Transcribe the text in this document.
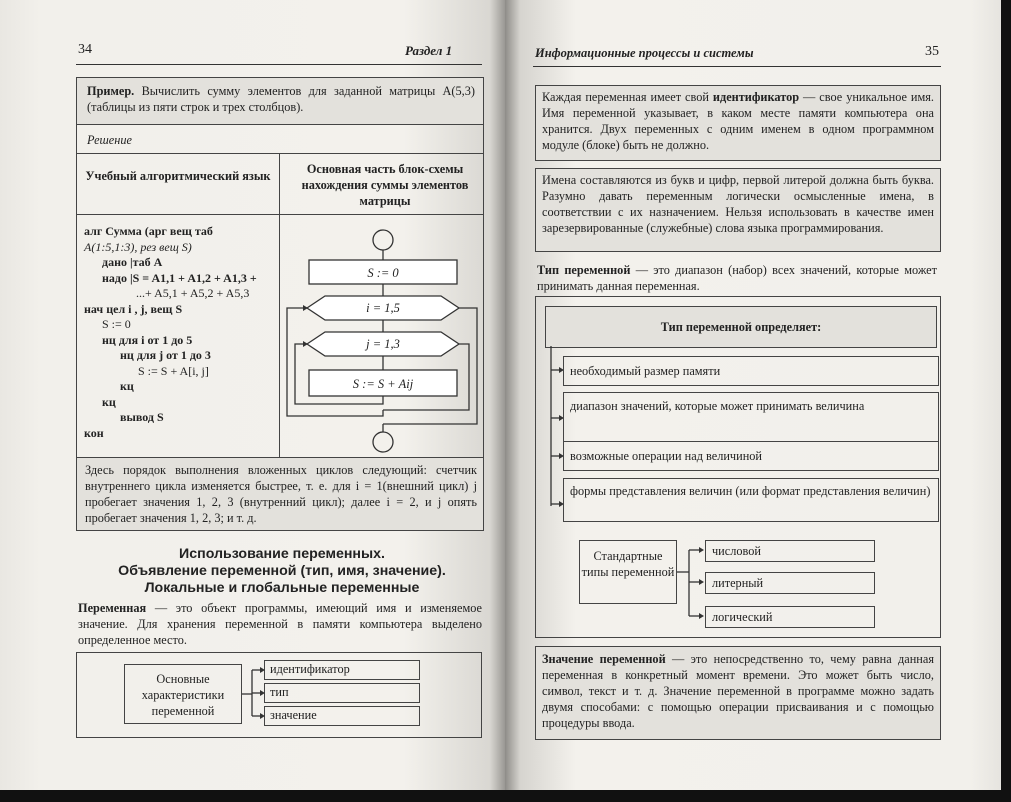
34	Раздел 1
Пример. Вычислить сумму элементов для заданной матрицы A(5,3) (таблицы из пяти строк и трех столбцов).
Решение
Учебный алгоритмический язык	Основная часть блок-схемы нахождения суммы элементов матрицы
алг Сумма (арг вещ таб
A(1:5,1:3), рез вещ S)
дано |таб A
надо |S = A1,1 + A1,2 + A1,3 +
...+ A5,1 + A5,2 + A5,3
нач цел i , j, вещ S
S := 0
нц для i от 1 до 5
нц для j от 1 до 3
S := S + A[i, j]
кц
кц
вывод S
кон
S := 0
i = 1,5
j = 1,3
S := S + Aij
Здесь порядок выполнения вложенных циклов следующий: счетчик внутреннего цикла изменяется быстрее, т. е. для i = 1(внешний цикл) j пробегает значения 1, 2, 3 (внутренний цикл); далее i = 2, и j опять пробегает значения 1, 2, 3; и т. д.
Использование переменных.
Объявление переменной (тип, имя, значение).
Локальные и глобальные переменные
Переменная — это объект программы, имеющий имя и изменяемое значение. Для хранения переменной в памяти компьютера выделено определенное место.
Основные характеристики переменной
идентификатор
тип
значение
Информационные процессы и системы	35
Каждая переменная имеет свой идентификатор — свое уникальное имя. Имя переменной указывает, в каком месте памяти компьютера она хранится. Двух переменных с одним именем в одном программном модуле (блоке) быть не должно.
Имена составляются из букв и цифр, первой литерой должна быть буква. Разумно давать переменным логически осмысленные имена, в соответствии с их назначением. Нельзя использовать в качестве имен зарезервированные (служебные) слова языка программирования.
Тип переменной — это диапазон (набор) всех значений, которые может принимать данная переменная.
Тип переменной определяет:
необходимый размер памяти
диапазон значений, которые может принимать величина
возможные операции над величиной
формы представления величин (или формат представления величин)
Стандартные типы переменной
числовой
литерный
логический
Значение переменной — это непосредственно то, чему равна данная переменная в конкретный момент времени. Это может быть число, символ, текст и т. д. Значение переменной в программе можно задать двумя способами: с помощью операции присваивания и с помощью процедуры ввода.
